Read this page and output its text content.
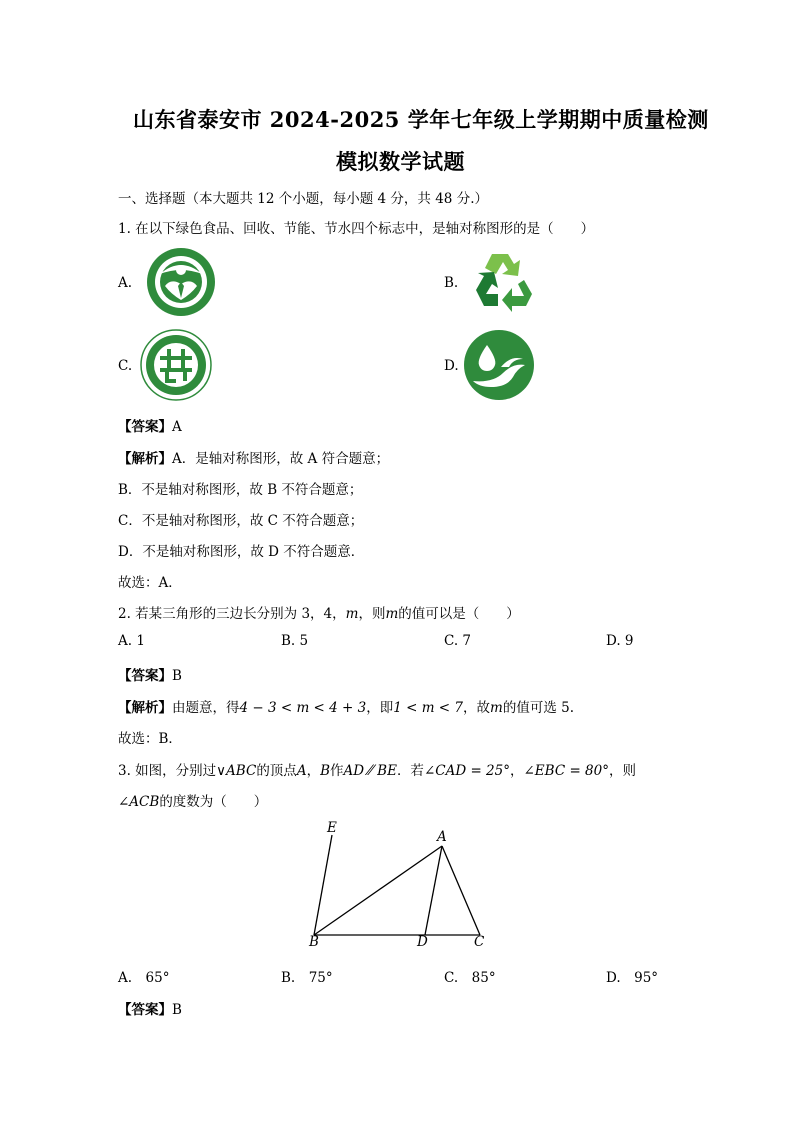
山东省泰安市 2024-2025 学年七年级上学期期中质量检测
模拟数学试题
一、选择题（本大题共 12 个小题，每小题 4 分，共 48 分.）
1. 在以下绿色食品、回收、节能、节水四个标志中，是轴对称图形的是（　　）
A.	B.
C.	D.
【答案】A
【解析】A．是轴对称图形，故 A 符合题意；
B．不是轴对称图形，故 B 不符合题意；
C．不是轴对称图形，故 C 不符合题意；
D．不是轴对称图形，故 D 不符合题意．
故选：A．
2. 若某三角形的三边长分别为 3，4，m，则m的值可以是（　　）
A. 1	B. 5	C. 7	D. 9
【答案】B
【解析】由题意，得4 − 3 < m < 4 + 3，即1 < m < 7，故m的值可选 5.
故选：B．
3. 如图，分别过∨ABC的顶点A，B作AD ⁄⁄ BE．若∠CAD = 25°，∠EBC = 80°，则
∠ACB的度数为（　　）
E
A
B	D	C
A.　65°	B.　75°	C.　85°	D.　95°
【答案】B
